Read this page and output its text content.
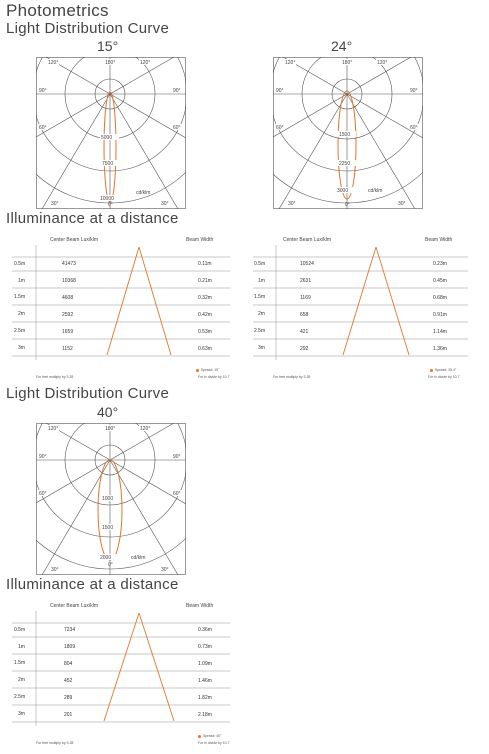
Photometrics
Light Distribution Curve
15°	24°
120°	180°	120°
90°	90°
60°	60°
30°	30°
5000
7500
10000
0°
cd/klm
120°	180°	120°
90°	90°
60°	60°
30°	30°
1500
2250
3000
0°
cd/klm
Illuminance at a distance
Center Beam Lux/klm	Beam Width
0.5m	41473	0.11m
1m	10368	0.21m
1.5m	4608	0.32m
2m	2592	0.42m
2.5m	1659	0.53m
3m	1152	0.63m
For feet multiply by 3.28
Spread: 15°
For fc divide by 10.7
Center Beam Lux/klm	Beam Width
0.5m	10524	0.23m
1m	2631	0.45m
1.5m	1169	0.68m
2m	658	0.91m
2.5m	421	1.14m
3m	292	1.36m
For feet multiply by 3.28
Spread: 25.4°
For fc divide by 10.7
Light Distribution Curve
40°
120°	180°	120°
90°	90°
60°	60°
30°	30°
1000
1500
2000
0°
cd/klm
Illuminance at a distance
Center Beam Lux/klm	Beam Width
0.5m	7234	0.36m
1m	1809	0.73m
1.5m	804	1.09m
2m	452	1.46m
2.5m	289	1.82m
3m	201	2.18m
For feet multiply by 3.28
Spread: 40°
For fc divide by 10.7
